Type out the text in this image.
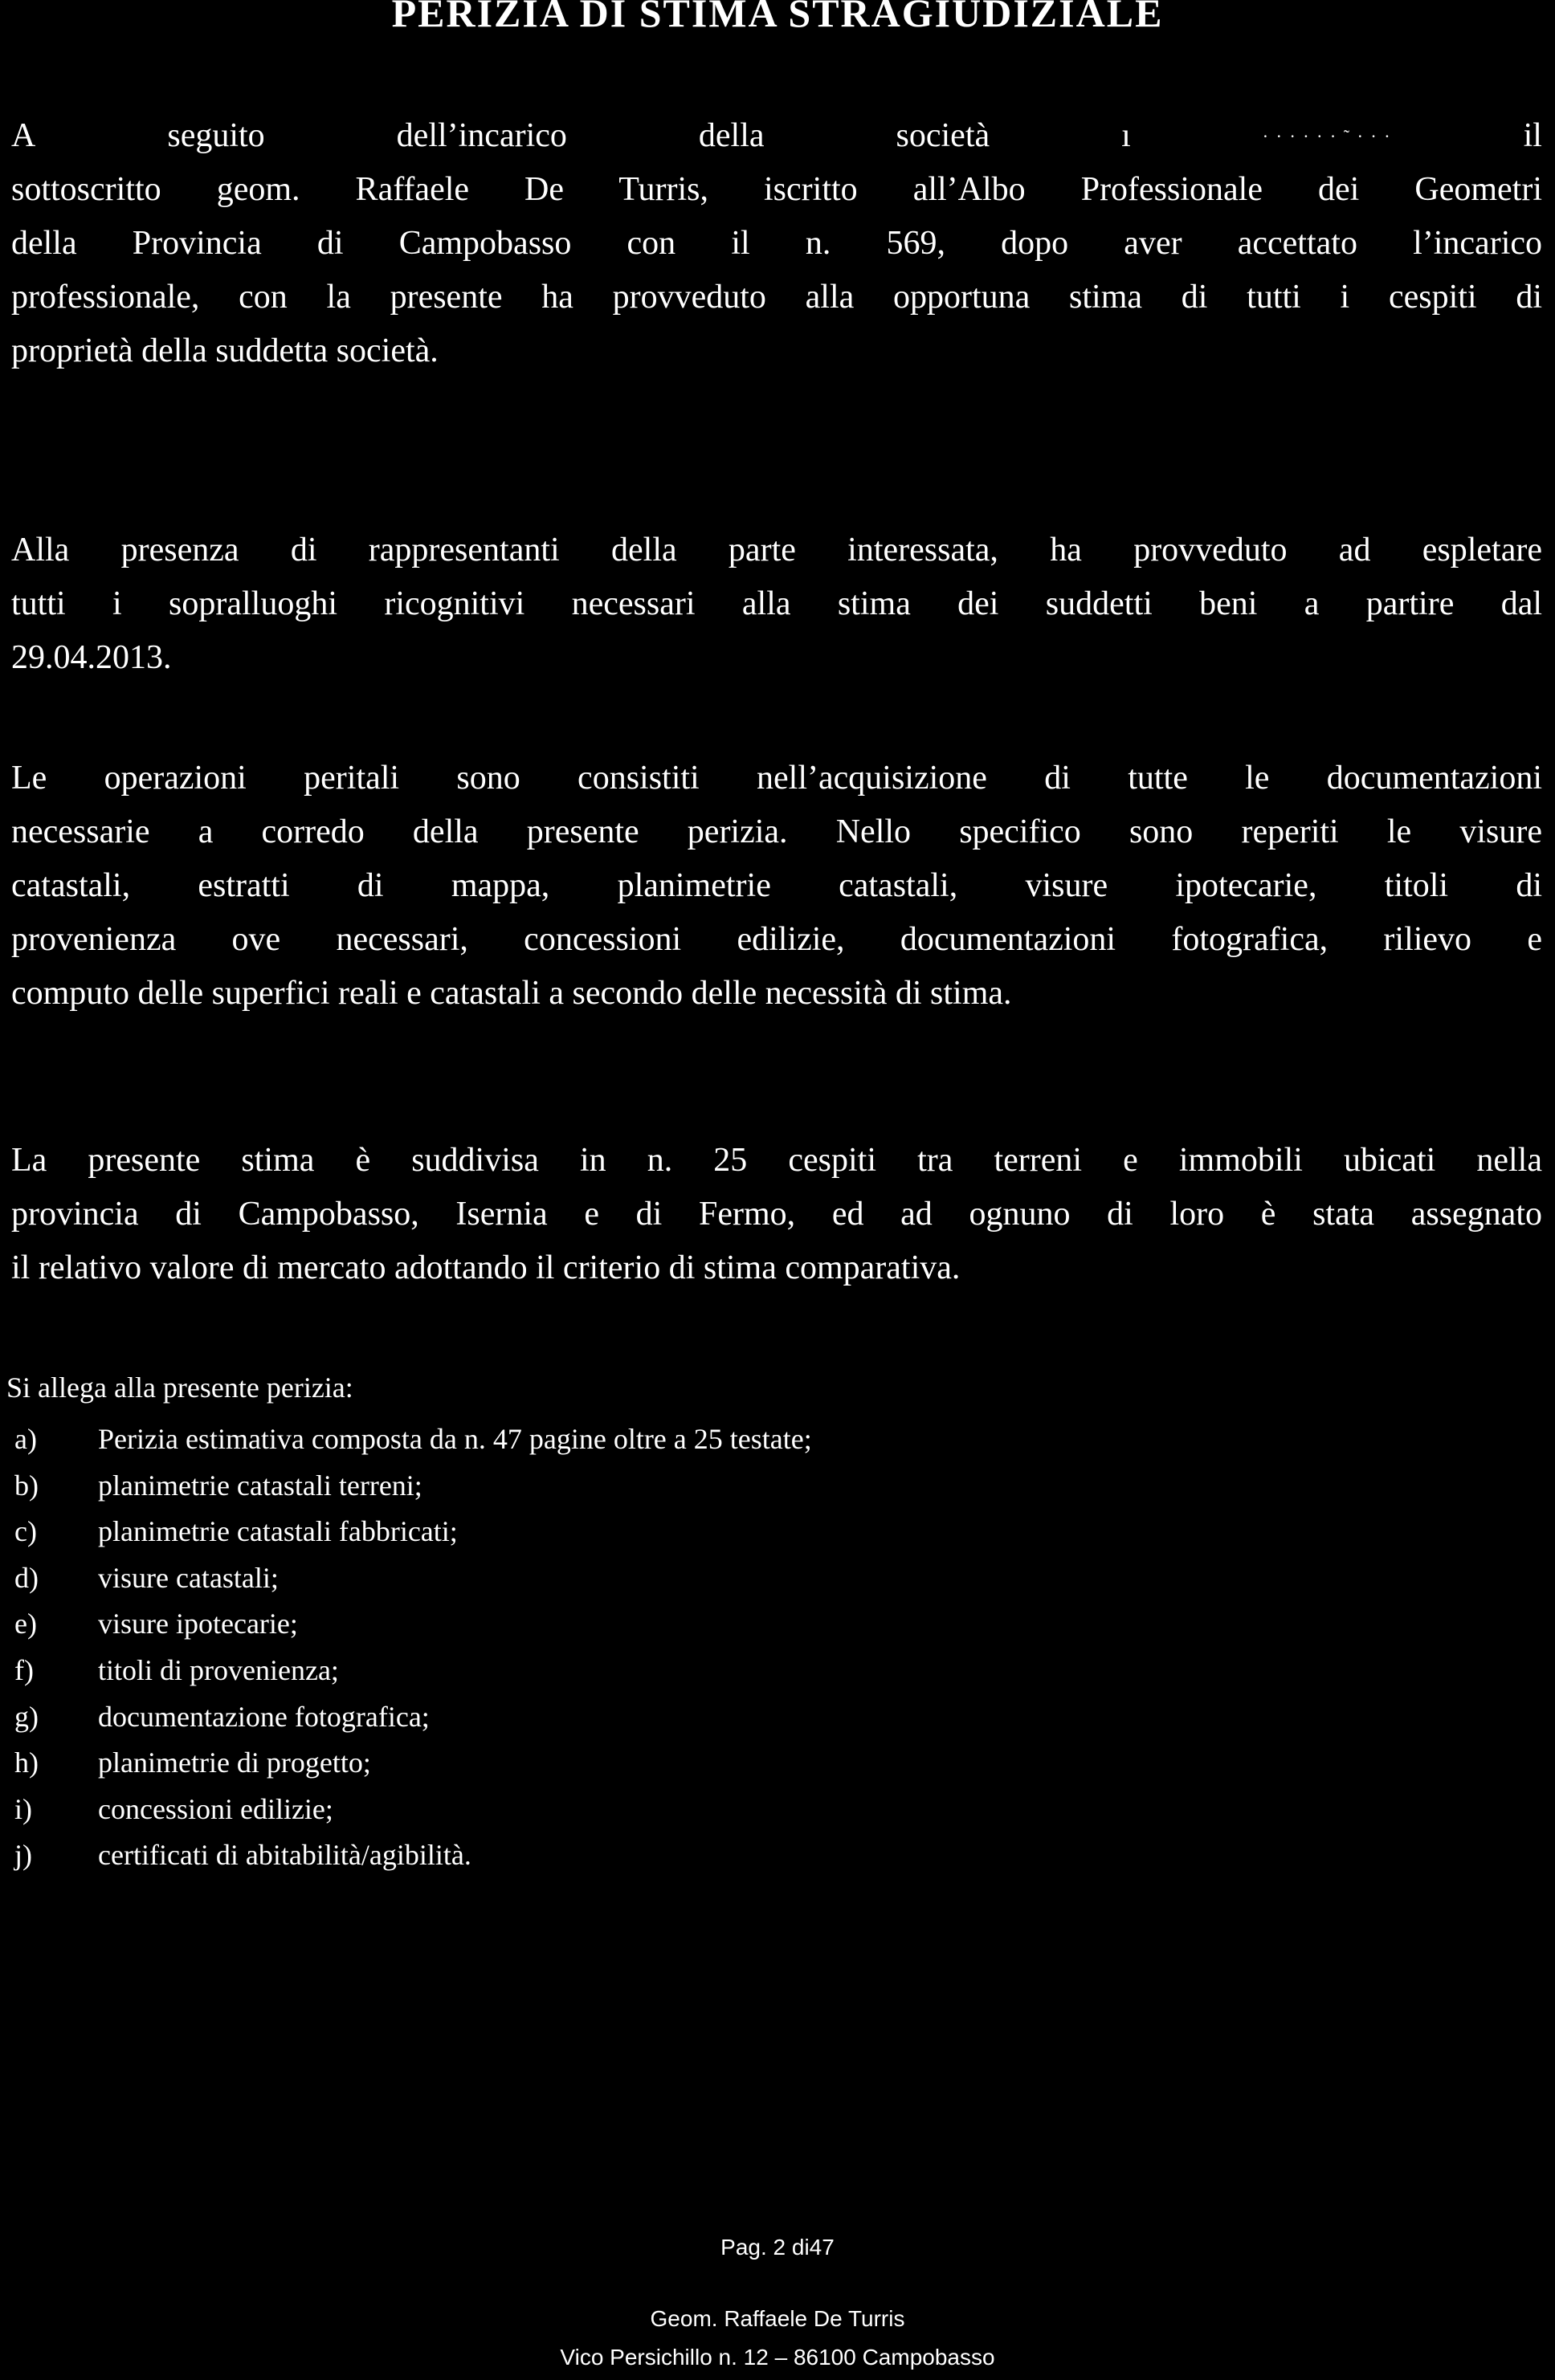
PERIZIA DI STIMA STRAGIUDIZIALE
A	seguito	dell’incarico	della	società	ı	· · · · · · ˜ · · ·	il
sottoscritto geom. Raffaele De Turris, iscritto all’Albo Professionale dei Geometri
della Provincia di Campobasso con il n. 569, dopo aver accettato l’incarico
professionale, con la presente ha provveduto alla opportuna stima di tutti i cespiti di
proprietà della suddetta società.
Alla presenza di rappresentanti della parte interessata, ha provveduto ad espletare
tutti i sopralluoghi ricognitivi necessari alla stima dei suddetti beni a partire dal
29.04.2013.
Le operazioni peritali sono consistiti nell’acquisizione di tutte le documentazioni
necessarie a corredo della presente perizia. Nello specifico sono reperiti le visure
catastali, estratti di mappa, planimetrie catastali, visure ipotecarie, titoli di
provenienza ove necessari, concessioni edilizie, documentazioni fotografica, rilievo e
computo delle superfici reali e catastali a secondo delle necessità di stima.
La presente stima è suddivisa in n. 25 cespiti tra terreni e immobili ubicati nella
provincia di Campobasso, Isernia e di Fermo, ed ad ognuno di loro è stata assegnato
il relativo valore di mercato adottando il criterio di stima comparativa.
Si allega alla presente perizia:
a)	Perizia estimativa composta da n. 47 pagine oltre a 25 testate;
b)	planimetrie catastali terreni;
c)	planimetrie catastali fabbricati;
d)	visure catastali;
e)	visure ipotecarie;
f)	titoli di provenienza;
g)	documentazione fotografica;
h)	planimetrie di progetto;
i)	concessioni edilizie;
j)	certificati di abitabilità/agibilità.
Pag. 2 di47
Geom. Raffaele De Turris
Vico Persichillo n. 12 – 86100 Campobasso
